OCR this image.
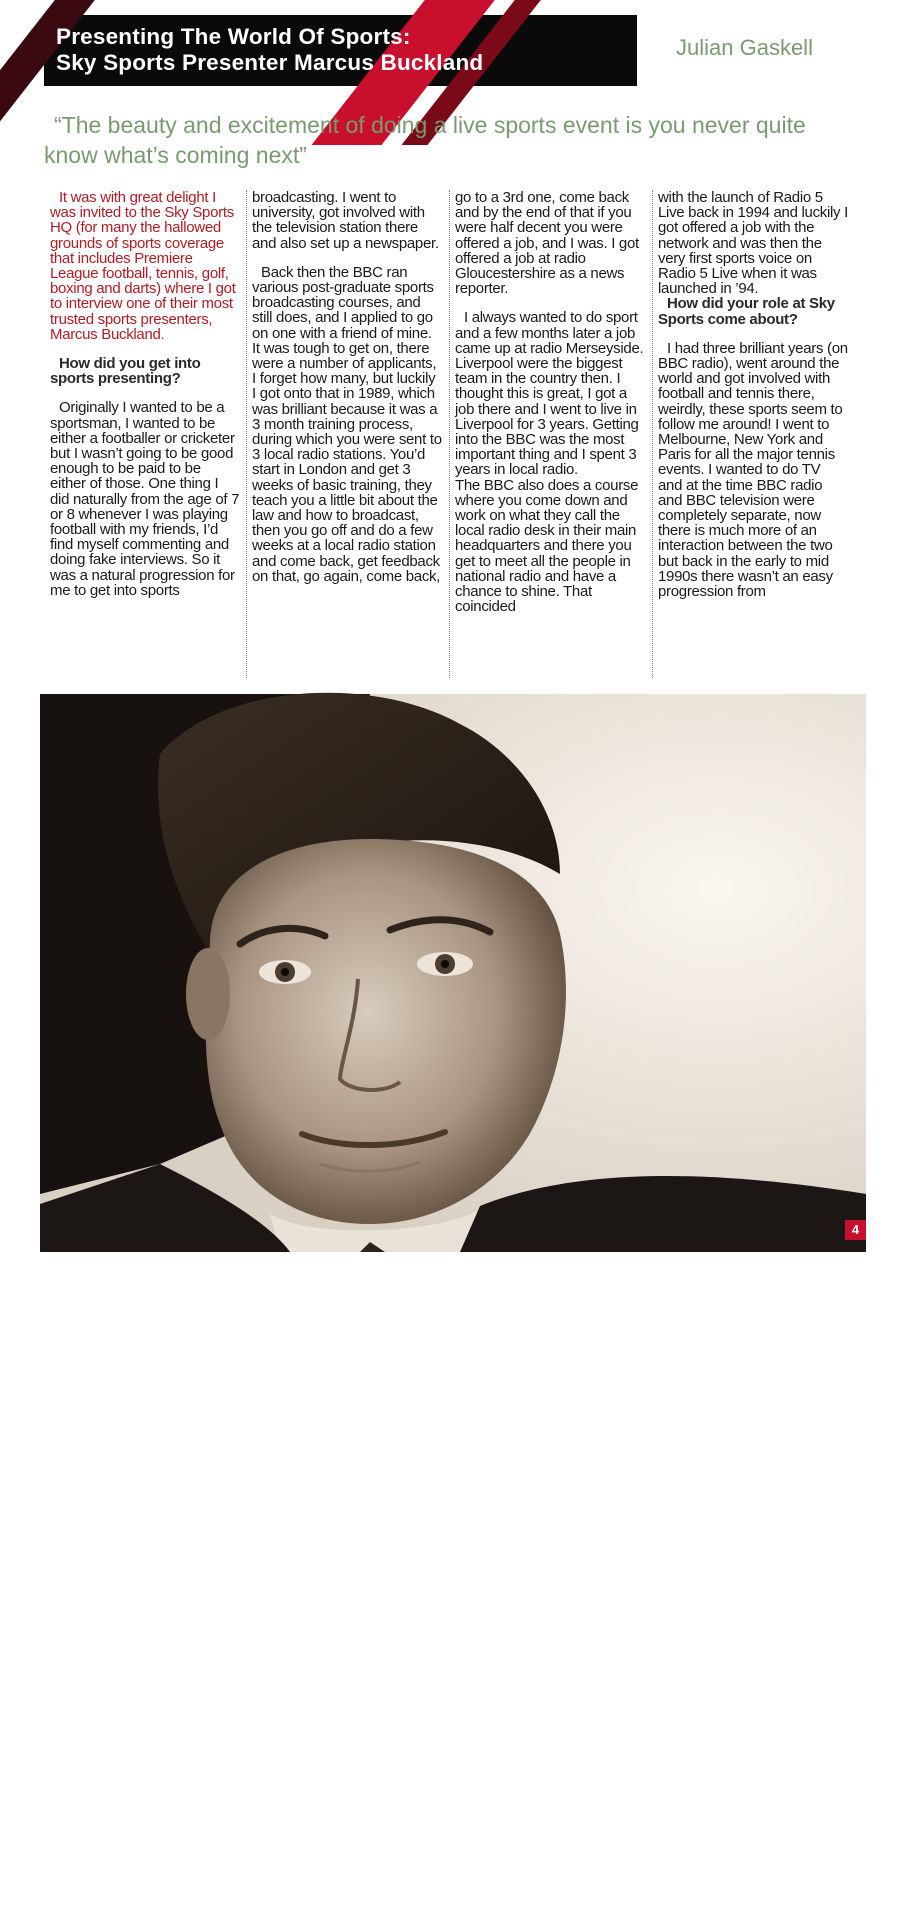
Presenting The World Of Sports:
Sky Sports Presenter Marcus Buckland
Julian Gaskell
“The beauty and excitement of doing a live sports event is you never quite know what’s coming next”

It was with great delight I was invited to the Sky Sports HQ (for many the hallowed grounds of sports coverage that includes Premiere League football, tennis, golf, boxing and darts) where I got to interview one of their most trusted sports presenters, Marcus Buckland.

How did you get into sports presenting?

Originally I wanted to be a sportsman, I wanted to be either a footballer or cricketer but I wasn’t going to be good enough to be paid to be either of those. One thing I did naturally from the age of 7 or 8 whenever I was playing football with my friends, I’d find myself commenting and doing fake interviews. So it was a natural progression for me to get into sports

broadcasting. I went to university, got involved with the television station there and also set up a newspaper.

Back then the BBC ran various post-graduate sports broadcasting courses, and still does, and I applied to go on one with a friend of mine. It was tough to get on, there were a number of applicants, I forget how many, but luckily I got onto that in 1989, which was brilliant because it was a 3 month training process, during which you were sent to 3 local radio stations. You’d start in London and get 3 weeks of basic training, they teach you a little bit about the law and how to broadcast, then you go off and do a few weeks at a local radio station and come back, get feedback on that, go again, come back,

go to a 3rd one, come back and by the end of that if you were half decent you were offered a job, and I was. I got offered a job at radio Gloucestershire as a news reporter.

I always wanted to do sport and a few months later a job came up at radio Merseyside. Liverpool were the biggest team in the country then. I thought this is great, I got a job there and I went to live in Liverpool for 3 years. Getting into the BBC was the most important thing and I spent 3 years in local radio.

The BBC also does a course where you come down and work on what they call the local radio desk in their main headquarters and there you get to meet all the people in national radio and have a chance to shine. That coincided

with the launch of Radio 5 Live back in 1994 and luckily I got offered a job with the network and was then the very first sports voice on Radio 5 Live when it was launched in ’94.

How did your role at Sky Sports come about?

I had three brilliant years (on BBC radio), went around the world and got involved with football and tennis there, weirdly, these sports seem to follow me around! I went to Melbourne, New York and Paris for all the major tennis events. I wanted to do TV and at the time BBC radio and BBC television were completely separate, now there is much more of an interaction between the two but back in the early to mid 1990s there wasn’t an easy progression from

Marcus Buckland
4
